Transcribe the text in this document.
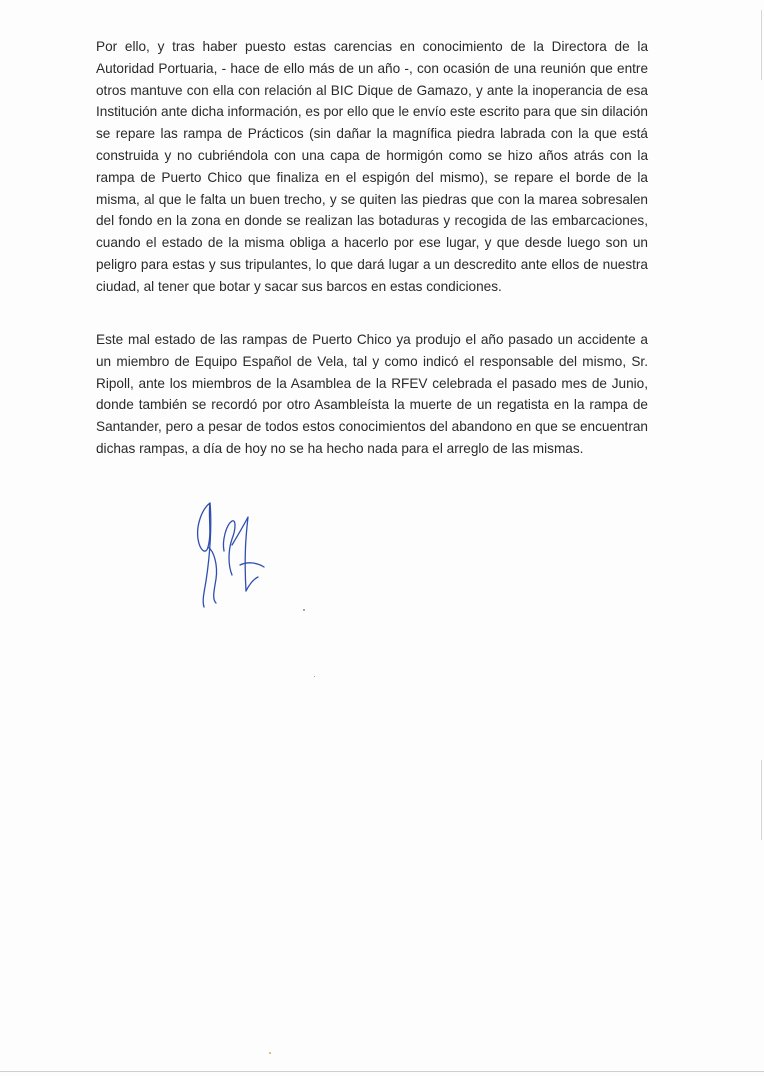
Por ello, y tras haber puesto estas carencias en conocimiento de la Directora de la Autoridad Portuaria, - hace de ello más de un año -, con ocasión de una reunión que entre otros mantuve con ella con relación al BIC Dique de Gamazo, y ante la inoperancia de esa Institución ante dicha información, es por ello que le envío este escrito para que sin dilación se repare las rampa de Prácticos (sin dañar la magnífica piedra labrada con la que está construida y no cubriéndola con una capa de hormigón como se hizo años atrás con la rampa de Puerto Chico que finaliza en el espigón del mismo), se repare el borde de la misma, al que le falta un buen trecho, y se quiten las piedras que con la marea sobresalen del fondo en la zona en donde se realizan las botaduras y recogida de las embarcaciones, cuando el estado de la misma obliga a hacerlo por ese lugar, y que desde luego son un peligro para estas y sus tripulantes, lo que dará lugar a un descredito ante ellos de nuestra ciudad, al tener que botar y sacar sus barcos en estas condiciones.

Este mal estado de las rampas de Puerto Chico ya produjo el año pasado un accidente a un miembro de Equipo Español de Vela, tal y como indicó el responsable del mismo, Sr. Ripoll, ante los miembros de la Asamblea de la RFEV celebrada el pasado mes de Junio, donde también se recordó por otro Asambleísta la muerte de un regatista en la rampa de Santander, pero a pesar de todos estos conocimientos del abandono en que se encuentran dichas rampas, a día de hoy no se ha hecho nada para el arreglo de las mismas.
